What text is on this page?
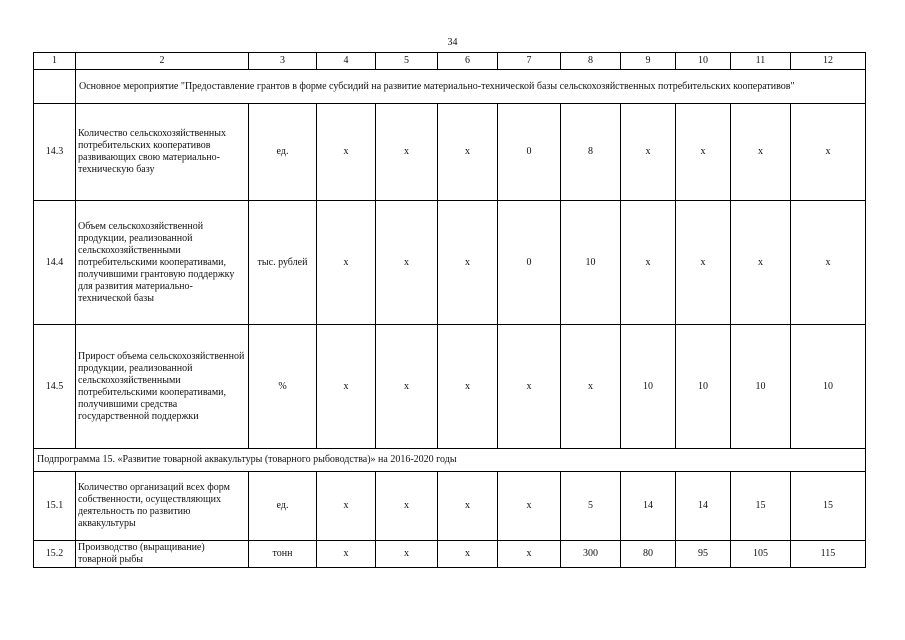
34
1	2	3	4	5	6	7	8	9	10	11	12
	Основное мероприятие "Предоставление грантов в форме субсидий на развитие материально-технической базы сельскохозяйственных потребительских кооперативов"										
14.3	Количество сельскохозяйственных потребительских кооперативов развивающих свою материально-техническую базу	ед.	х	х	х	0	8	х	х	х	х
14.4	Объем сельскохозяйственной продукции, реализованной сельскохозяйственными потребительскими кооперативами, получившими грантовую поддержку для развития материально-технической базы	тыс. рублей	х	х	х	0	10	х	х	х	х
14.5	Прирост объема сельскохозяйственной продукции, реализованной сельскохозяйственными потребительскими кооперативами, получившими средства государственной поддержки	%	х	х	х	х	х	10	10	10	10
Подпрограмма 15. «Развитие товарной аквакультуры (товарного рыбоводства)» на 2016-2020 годы											
15.1	Количество организаций всех форм собственности, осуществляющих деятельность по развитию аквакультуры	ед.	х	х	х	х	5	14	14	15	15
15.2	Производство (выращивание) товарной рыбы	тонн	х	х	х	х	300	80	95	105	115
